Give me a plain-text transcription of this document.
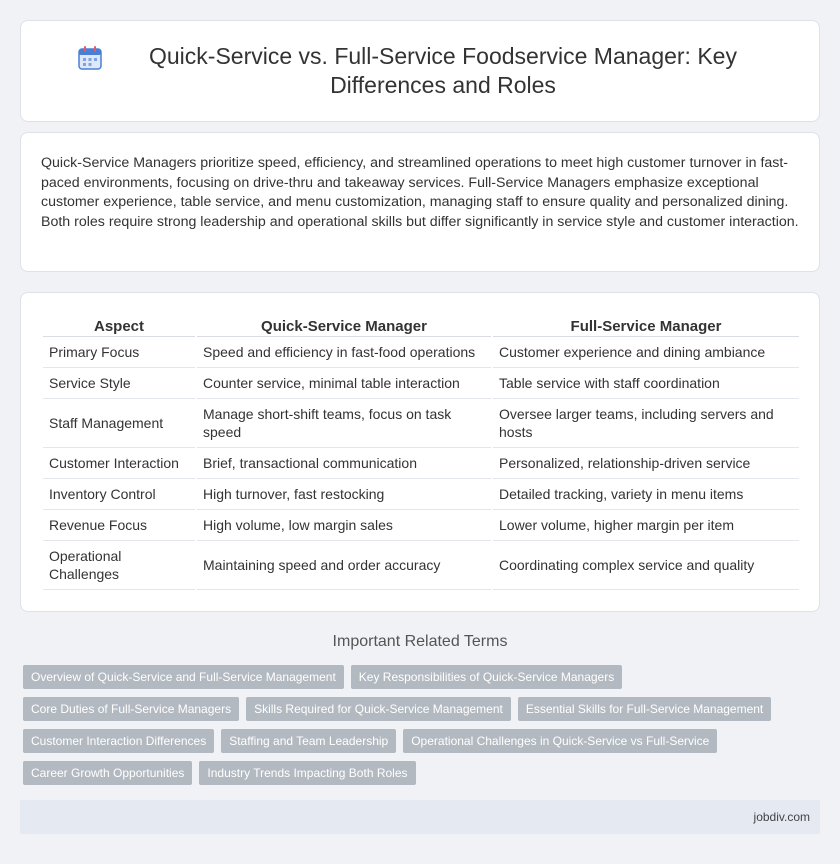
Quick-Service vs. Full-Service Foodservice Manager: Key Differences and Roles

Quick-Service Managers prioritize speed, efficiency, and streamlined operations to meet high customer turnover in fast-paced environments, focusing on drive-thru and takeaway services. Full-Service Managers emphasize exceptional customer experience, table service, and menu customization, managing staff to ensure quality and personalized dining. Both roles require strong leadership and operational skills but differ significantly in service style and customer interaction.

Aspect	Quick-Service Manager	Full-Service Manager
Primary Focus	Speed and efficiency in fast-food operations	Customer experience and dining ambiance
Service Style	Counter service, minimal table interaction	Table service with staff coordination
Staff Management	Manage short-shift teams, focus on task speed	Oversee larger teams, including servers and hosts
Customer Interaction	Brief, transactional communication	Personalized, relationship-driven service
Inventory Control	High turnover, fast restocking	Detailed tracking, variety in menu items
Revenue Focus	High volume, low margin sales	Lower volume, higher margin per item
Operational Challenges	Maintaining speed and order accuracy	Coordinating complex service and quality
Important Related Terms
Overview of Quick-Service and Full-Service Management	Key Responsibilities of Quick-Service Managers
Core Duties of Full-Service Managers	Skills Required for Quick-Service Management	Essential Skills for Full-Service Management
Customer Interaction Differences	Staffing and Team Leadership	Operational Challenges in Quick-Service vs Full-Service
Career Growth Opportunities	Industry Trends Impacting Both Roles
jobdiv.com
